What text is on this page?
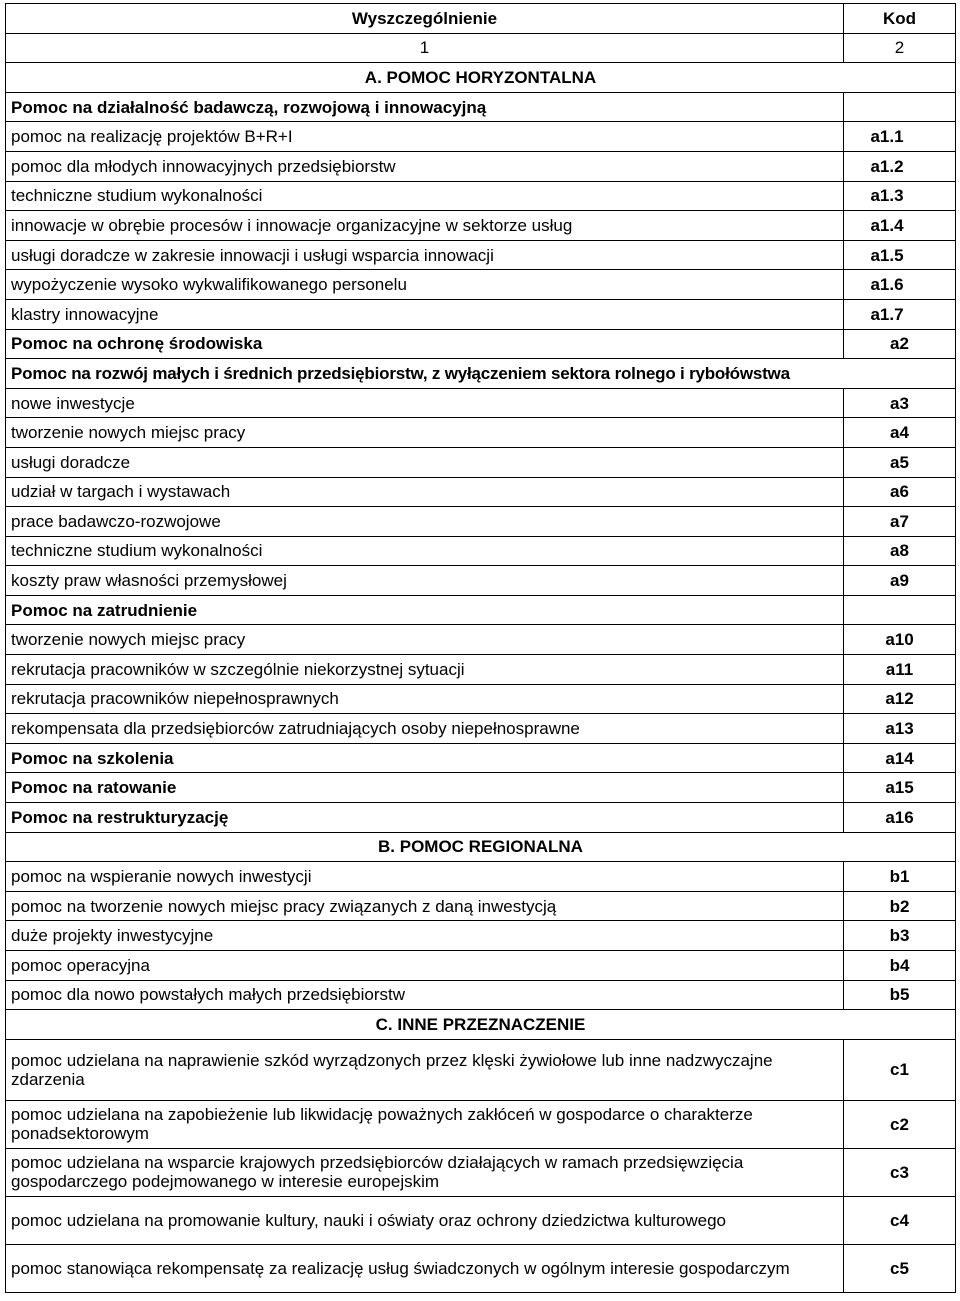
Wyszczególnienie	Kod
1	2
A. POMOC HORYZONTALNA	
Pomoc na działalność badawczą, rozwojową i innowacyjną	
pomoc na realizację projektów B+R+I	a1.1
pomoc dla młodych innowacyjnych przedsiębiorstw	a1.2
techniczne studium wykonalności	a1.3
innowacje w obrębie procesów i innowacje organizacyjne w sektorze usług	a1.4
usługi doradcze w zakresie innowacji i usługi wsparcia innowacji	a1.5
wypożyczenie wysoko wykwalifikowanego personelu	a1.6
klastry innowacyjne	a1.7
Pomoc na ochronę środowiska	a2
Pomoc na rozwój małych i średnich przedsiębiorstw, z wyłączeniem sektora rolnego i rybołówstwa	
nowe inwestycje	a3
tworzenie nowych miejsc pracy	a4
usługi doradcze	a5
udział w targach i wystawach	a6
prace badawczo-rozwojowe	a7
techniczne studium wykonalności	a8
koszty praw własności przemysłowej	a9
Pomoc na zatrudnienie	
tworzenie nowych miejsc pracy	a10
rekrutacja pracowników w szczególnie niekorzystnej sytuacji	a11
rekrutacja pracowników niepełnosprawnych	a12
rekompensata dla przedsiębiorców zatrudniających osoby niepełnosprawne	a13
Pomoc na szkolenia	a14
Pomoc na ratowanie	a15
Pomoc na restrukturyzację	a16
B. POMOC REGIONALNA	
pomoc na wspieranie nowych inwestycji	b1
pomoc na tworzenie nowych miejsc pracy związanych z daną inwestycją	b2
duże projekty inwestycyjne	b3
pomoc operacyjna	b4
pomoc dla nowo powstałych małych przedsiębiorstw	b5
C. INNE PRZEZNACZENIE	
pomoc udzielana na naprawienie szkód wyrządzonych przez klęski żywiołowe lub inne nadzwyczajne zdarzenia	c1
pomoc udzielana na zapobieżenie lub likwidację poważnych zakłóceń w gospodarce o charakterze ponadsektorowym	c2
pomoc udzielana na wsparcie krajowych przedsiębiorców działających w ramach przedsięwzięcia gospodarczego podejmowanego w interesie europejskim	c3
pomoc udzielana na promowanie kultury, nauki i oświaty oraz ochrony dziedzictwa kulturowego	c4
pomoc stanowiąca rekompensatę za realizację usług świadczonych w ogólnym interesie gospodarczym	c5
